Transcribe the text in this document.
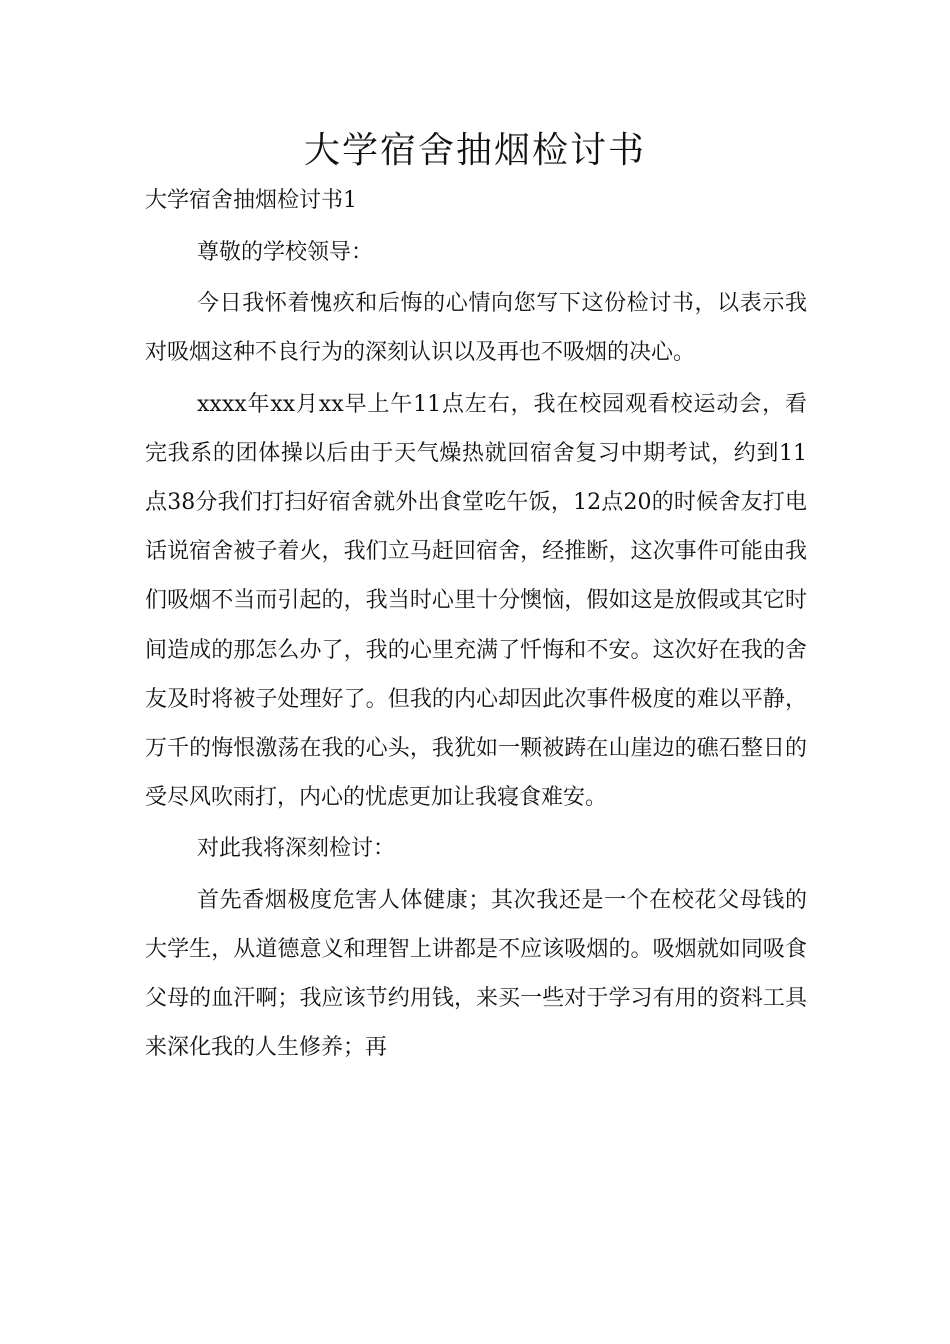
大学宿舍抽烟检讨书
大学宿舍抽烟检讨书1

尊敬的学校领导：

今日我怀着愧疚和后悔的心情向您写下这份检讨书，以表示我对吸烟这种不良行为的深刻认识以及再也不吸烟的决心。

xxxx年xx月xx早上午11点左右，我在校园观看校运动会，看完我系的团体操以后由于天气燥热就回宿舍复习中期考试，约到11点38分我们打扫好宿舍就外出食堂吃午饭，12点20的时候舍友打电话说宿舍被子着火，我们立马赶回宿舍，经推断，这次事件可能由我们吸烟不当而引起的，我当时心里十分懊恼，假如这是放假或其它时间造成的那怎么办了，我的心里充满了忏悔和不安。这次好在我的舍友及时将被子处理好了。但我的内心却因此次事件极度的难以平静，万千的悔恨激荡在我的心头，我犹如一颗被踌在山崖边的礁石整日的受尽风吹雨打，内心的忧虑更加让我寝食难安。

对此我将深刻检讨：

首先香烟极度危害人体健康；其次我还是一个在校花父母钱的大学生，从道德意义和理智上讲都是不应该吸烟的。吸烟就如同吸食父母的血汗啊；我应该节约用钱，来买一些对于学习有用的资料工具来深化我的人生修养；再
